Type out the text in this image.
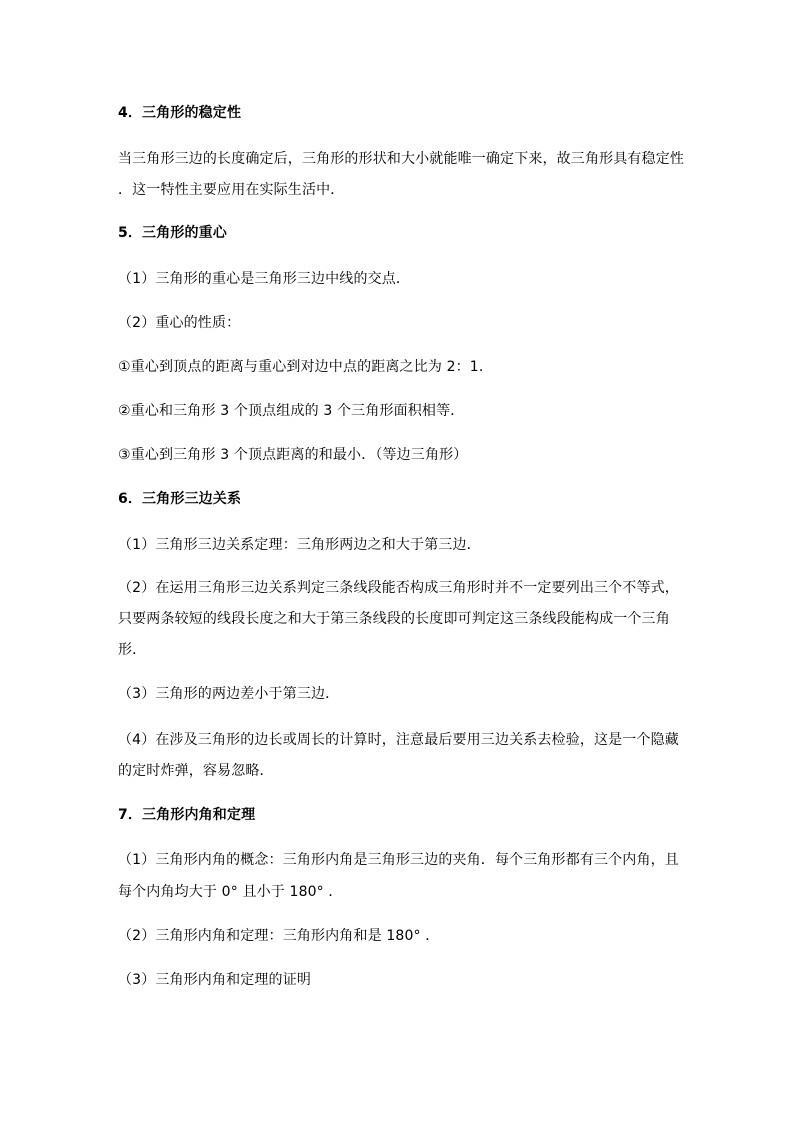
4．三角形的稳定性
当三角形三边的长度确定后，三角形的形状和大小就能唯一确定下来，故三角形具有稳定性
．这一特性主要应用在实际生活中．
5．三角形的重心
（1）三角形的重心是三角形三边中线的交点．
（2）重心的性质：
①重心到顶点的距离与重心到对边中点的距离之比为 2：1．
②重心和三角形 3 个顶点组成的 3 个三角形面积相等．
③重心到三角形 3 个顶点距离的和最小．（等边三角形）
6．三角形三边关系
（1）三角形三边关系定理：三角形两边之和大于第三边．
（2）在运用三角形三边关系判定三条线段能否构成三角形时并不一定要列出三个不等式，
只要两条较短的线段长度之和大于第三条线段的长度即可判定这三条线段能构成一个三角
形．
（3）三角形的两边差小于第三边．
（4）在涉及三角形的边长或周长的计算时，注意最后要用三边关系去检验，这是一个隐藏
的定时炸弹，容易忽略．
7．三角形内角和定理
（1）三角形内角的概念：三角形内角是三角形三边的夹角．每个三角形都有三个内角，且
每个内角均大于 0° 且小于 180° ．
（2）三角形内角和定理：三角形内角和是 180° ．
（3）三角形内角和定理的证明
